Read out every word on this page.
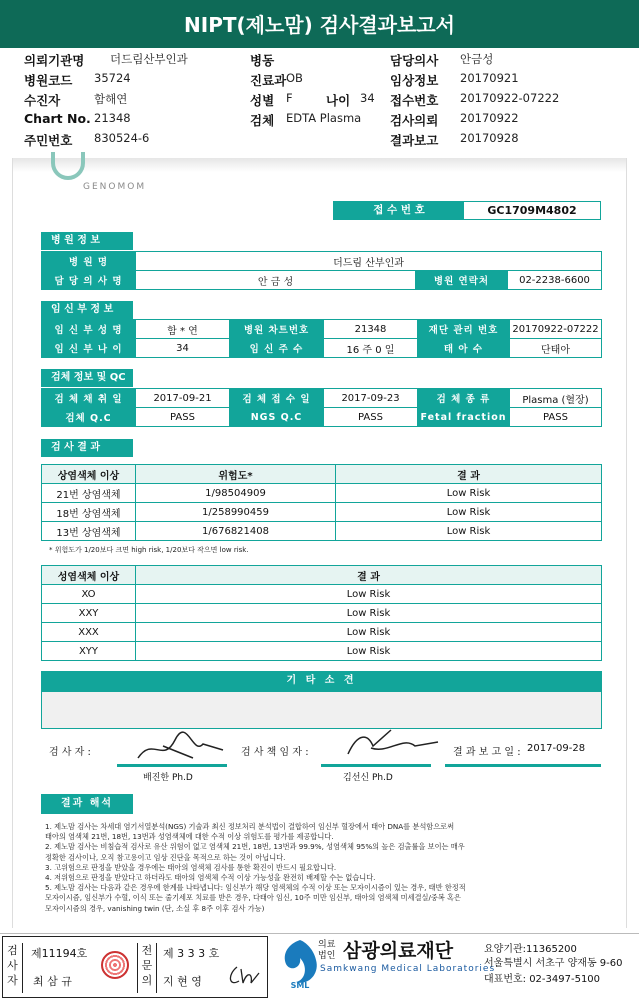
NIPT(제노맘) 검사결과보고서
의뢰기관명 더드림산부인과	병동	담당의사 안금성
병원코드 35724	진료과 OB	임상정보 20170921
수진자	함해연	성별 F	나이 34 접수번호 20170922-07222
Chart No. 21348	검체 EDTA Plasma 검사의뢰 20170922
주민번호 830524-6	결과보고 20170928
GENOMOM
접 수 번 호	GC1709M4802
병 원 정 보
병 원 명	더드림 산부인과		
담 당 의 사 명	안 금 성	병원 연락처	02-2238-6600
임 신 부 정 보
임 신 부 성 명	함 * 연	병원 차트번호	21348	재단 관리 번호	20170922-07222
임 신 부 나 이	34	임 신 주 수	16 주 0 일	태 아 수	단태아
검체 정보 및 QC
검 체 채 취 일	2017-09-21	검 체 접 수 일	2017-09-23	검 체 종 류	Plasma (혈장)
검체 Q.C	PASS	NGS Q.C	PASS	Fetal fraction	PASS
검 사 결 과
상염색체 이상	위험도*	결 과
21번 상염색체	1/98504909	Low Risk
18번 상염색체	1/258990459	Low Risk
13번 상염색체	1/676821408	Low Risk
* 위험도가 1/20보다 크면 high risk, 1/20보다 작으면 low risk.
성염색체 이상	결 과
XO	Low Risk
XXY	Low Risk
XXX	Low Risk
XYY	Low Risk
기 타 소 견
검 사 자 :
배진한 Ph.D
검 사 책 임 자 :
김선신 Ph.D
결 과 보 고 일 : 2017-09-28
결과 해석
1. 제노맘 검사는 차세대 염기서열분석(NGS) 기술과 최신 정보처리 분석법이 결합하여 임신부 혈장에서 태아 DNA를 분석함으로써
태아의 염색체 21번, 18번, 13번과 성염색체에 대한 수적 이상 위험도를 평가를 제공합니다.
2. 제노맘 검사는 비침습적 검사로 유산 위험이 없고 염색체 21번, 18번, 13번과 99.9%, 성염색체 95%의 높은 검출률을 보이는 매우
정확한 검사이나, 오직 참고용이고 임상 진단을 목적으로 하는 것이 아닙니다.
3. 고위험으로 판정을 받았을 경우에는 태아의 염색체 검사를 통한 확진이 반드시 필요합니다.
4. 저위험으로 판정을 받았다고 하더라도 태아의 염색체 수적 이상 가능성을 완전히 배제할 수는 없습니다.
5. 제노맘 검사는 다음과 같은 경우에 한계를 나타냅니다: 임신부가 해당 염색체의 수적 이상 또는 모자이시즘이 있는 경우, 태반 한정적
모자이시즘, 임신부가 수혈, 이식 또는 줄기세포 치료를 받은 경우, 다태아 임신, 10주 미만 임신부, 태아의 염색체 미세결실/중복 혹은
모자이시즘의 경우, vanishing twin (단, 소실 후 8주 이후 검사 가능)
검사자
제11194호
최 삼 규
전문의
제 3 3 3 호
지 현 영	SML
의료법인 삼광의료재단
Samkwang Medical Laboratories
요양기관:11365200
서울특별시 서초구 양재동 9-60
대표번호: 02-3497-5100
